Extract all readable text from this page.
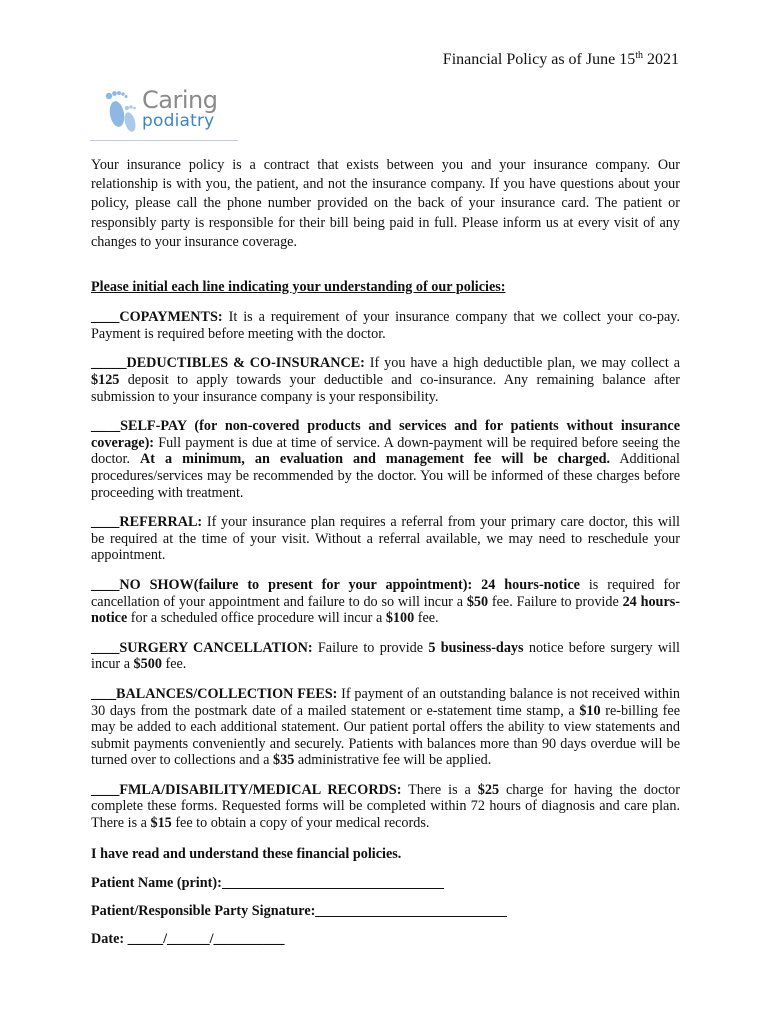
Financial Policy as of June 15th 2021
Caring
podiatry

Your insurance policy is a contract that exists between you and your insurance company. Our relationship is with you, the patient, and not the insurance company. If you have questions about your policy, please call the phone number provided on the back of your insurance card. The patient or responsibly party is responsible for their bill being paid in full. Please inform us at every visit of any changes to your insurance coverage.

Please initial each line indicating your understanding of our policies:

____COPAYMENTS: It is a requirement of your insurance company that we collect your co-pay. Payment is required before meeting with the doctor.

_____DEDUCTIBLES & CO-INSURANCE: If you have a high deductible plan, we may collect a $125 deposit to apply towards your deductible and co-insurance. Any remaining balance after submission to your insurance company is your responsibility.

__ _SELF-PAY (for non-covered products and services and for patients without insurance coverage): Full payment is due at time of service. A down-payment will be required before seeing the doctor. At a minimum, an evaluation and management fee will be charged. Additional procedures/services may be recommended by the doctor. You will be informed of these charges before proceeding with treatment.

____REFERRAL: If your insurance plan requires a referral from your primary care doctor, this will be required at the time of your visit. Without a referral available, we may need to reschedule your appointment.

____NO SHOW(failure to present for your appointment): 24 hours-notice is required for cancellation of your appointment and failure to do so will incur a $50 fee. Failure to provide 24 hours-notice for a scheduled office procedure will incur a $100 fee.

____SURGERY CANCELLATION: Failure to provide 5 business-days notice before surgery will incur a $500 fee.

__ _BALANCES/COLLECTION FEES: If payment of an outstanding balance is not received within 30 days from the postmark date of a mailed statement or e-statement time stamp, a $10 re-billing fee may be added to each additional statement. Our patient portal offers the ability to view statements and submit payments conveniently and securely. Patients with balances more than 90 days overdue will be turned over to collections and a $35 administrative fee will be applied.

____FMLA/DISABILITY/MEDICAL RECORDS: There is a $25 charge for having the doctor complete these forms. Requested forms will be completed within 72 hours of diagnosis and care plan. There is a $15 fee to obtain a copy of your medical records.

I have read and understand these financial policies.

Patient Name (print):

Patient/Responsible Party Signature:

Date: _____/______/__________
